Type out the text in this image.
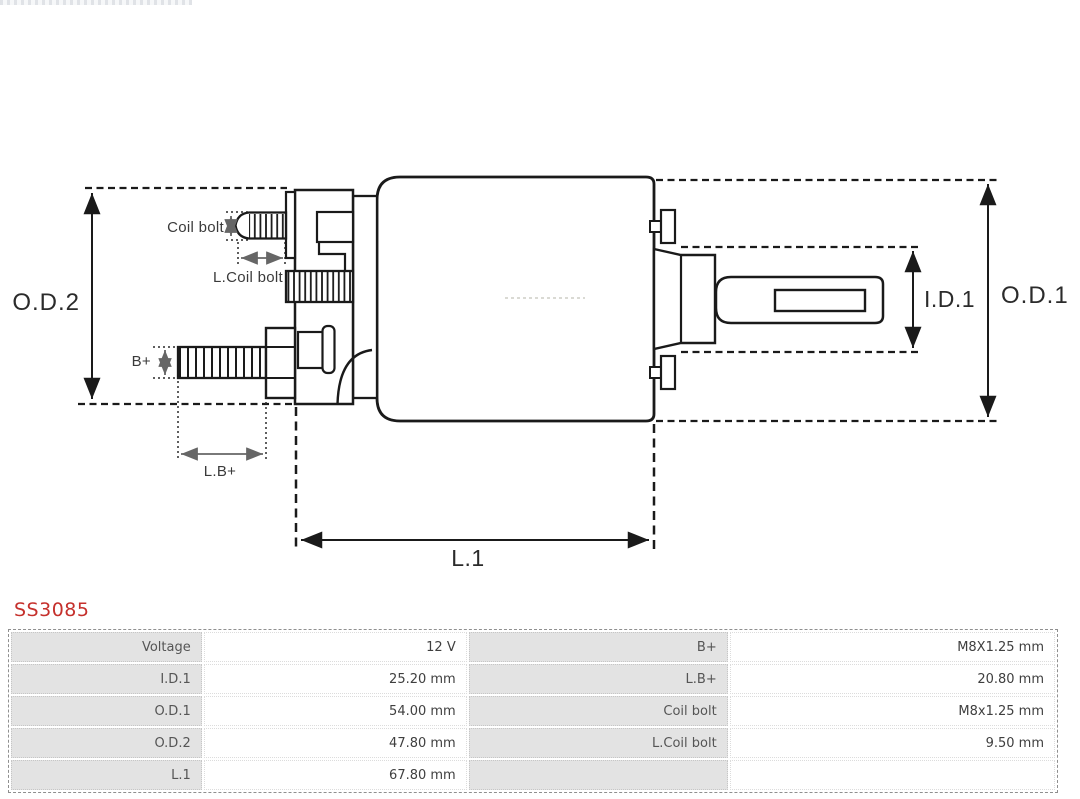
O.D.2	O.D.1
I.D.1
L.1
Coil bolt
L.Coil bolt
B+
L.B+
SS3085
Voltage	12 V	B+	M8X1.25 mm
I.D.1	25.20 mm	L.B+	20.80 mm
O.D.1	54.00 mm	Coil bolt	M8x1.25 mm
O.D.2	47.80 mm	L.Coil bolt	9.50 mm
L.1	67.80 mm		
